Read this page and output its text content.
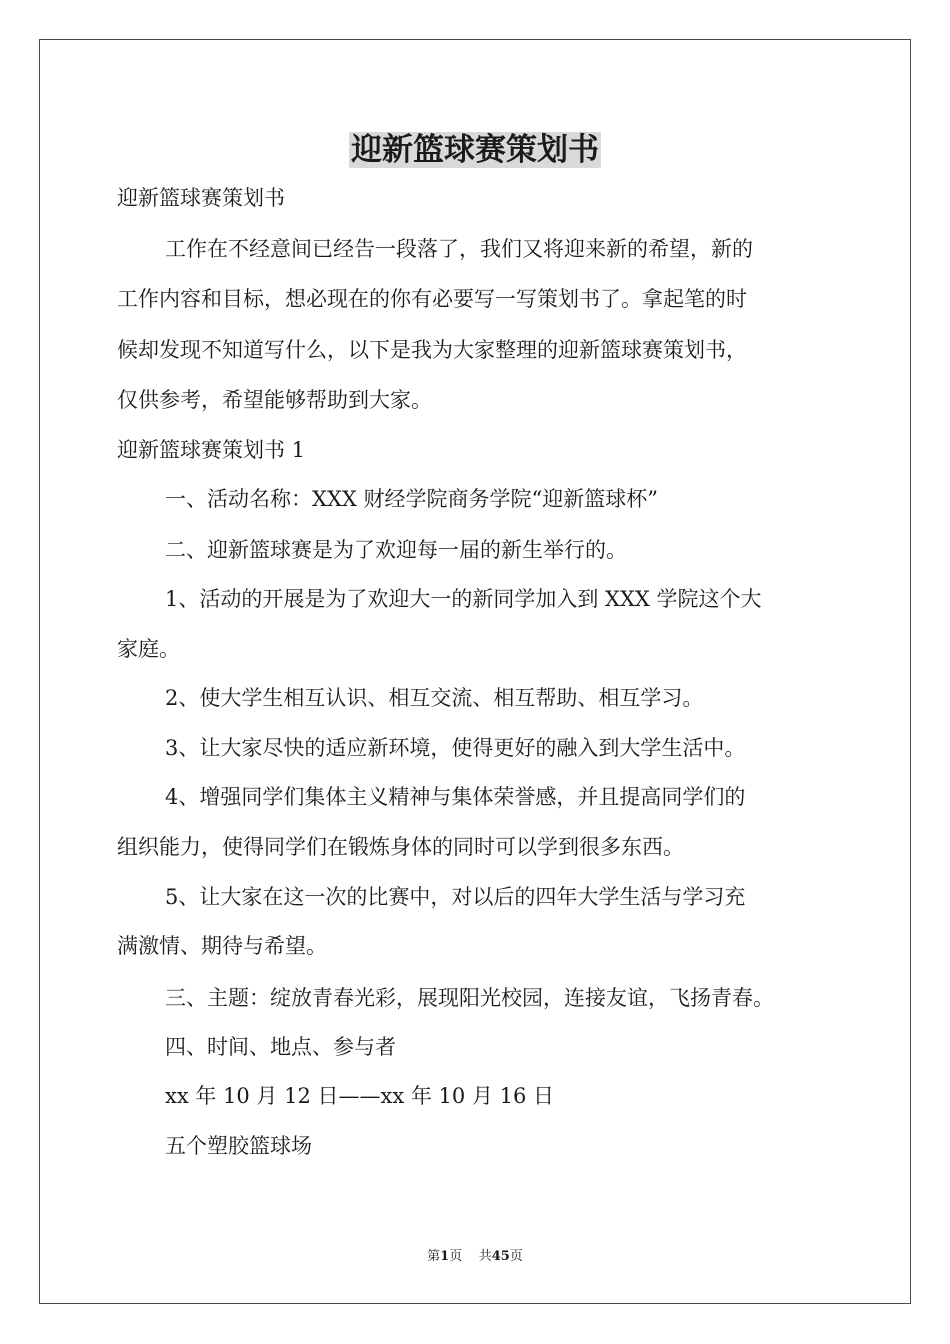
迎新篮球赛策划书
迎新篮球赛策划书
工作在不经意间已经告一段落了，我们又将迎来新的希望，新的
工作内容和目标，想必现在的你有必要写一写策划书了。拿起笔的时
候却发现不知道写什么，以下是我为大家整理的迎新篮球赛策划书，
仅供参考，希望能够帮助到大家。
迎新篮球赛策划书 1
一、活动名称：XXX 财经学院商务学院“迎新篮球杯”
二、迎新篮球赛是为了欢迎每一届的新生举行的。
1、活动的开展是为了欢迎大一的新同学加入到 XXX 学院这个大
家庭。
2、使大学生相互认识、相互交流、相互帮助、相互学习。
3、让大家尽快的适应新环境，使得更好的融入到大学生活中。
4、增强同学们集体主义精神与集体荣誉感，并且提高同学们的
组织能力，使得同学们在锻炼身体的同时可以学到很多东西。
5、让大家在这一次的比赛中，对以后的四年大学生活与学习充
满激情、期待与希望。
三、主题：绽放青春光彩，展现阳光校园，连接友谊，飞扬青春。
四、时间、地点、参与者
xx 年 10 月 12 日——xx 年 10 月 16 日
五个塑胶篮球场
第1页 共45页
